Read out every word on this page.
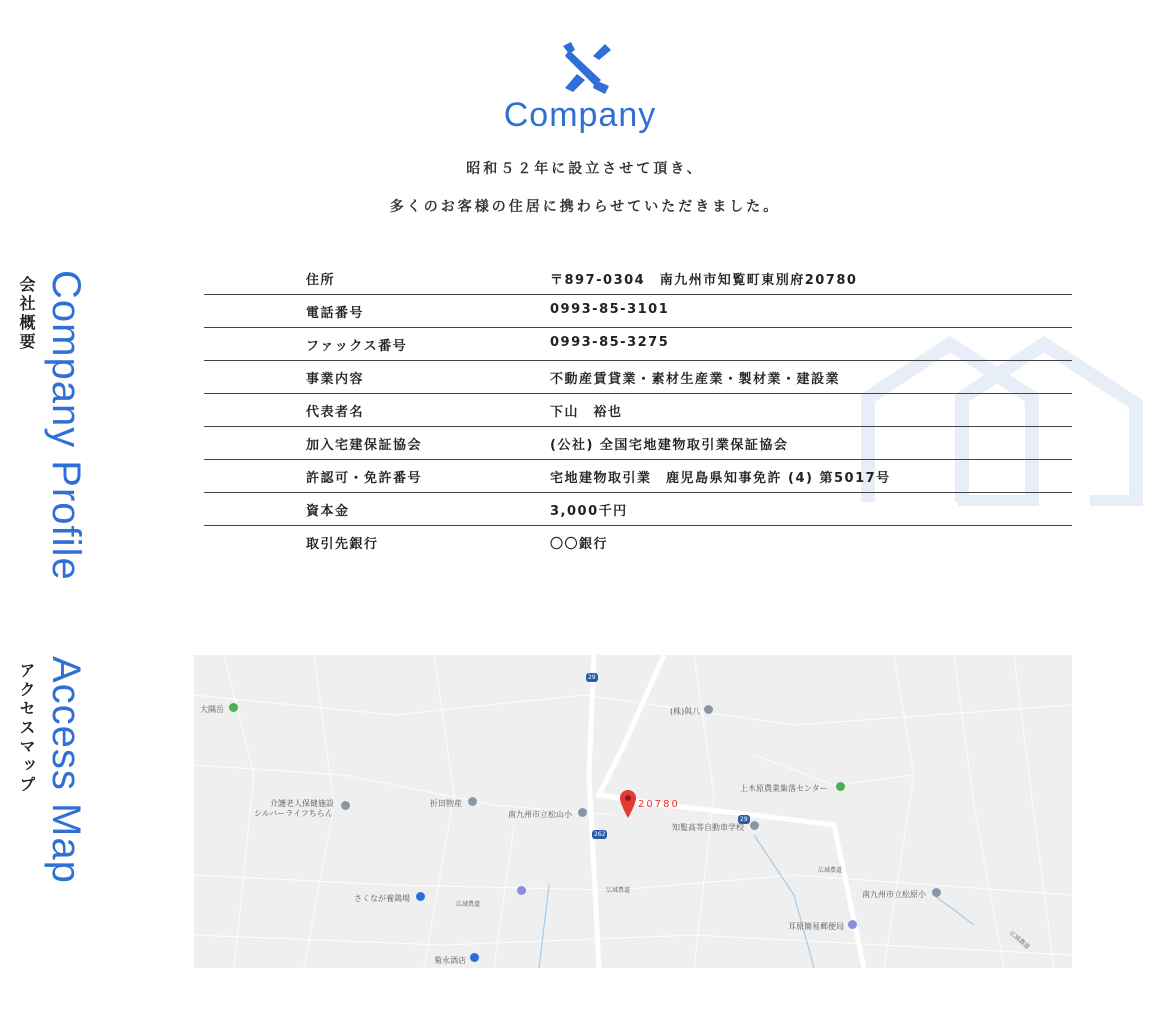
Company
昭和５２年に設立させて頂き、
多くのお客様の住居に携わらせていただきました。
Company Profile
会社概要	住所	〒897-0304　南九州市知覧町東別府20780
電話番号	0993-85-3101
ファックス番号	0993-85-3275
事業内容	不動産賃貸業・素材生産業・製材業・建設業
代表者名	下山　裕也
加入宅建保証協会	(公社) 全国宅地建物取引業保証協会
許認可・免許番号	宅地建物取引業　鹿児島県知事免許 (4) 第5017号
資本金	3,000千円
取引先銀行	〇〇銀行
Access Map
アクセスマップ	29
262
29
大隅岳	(株)與八
上木原農業集落センター
介護老人保健施設
シルバーライフちらん
折田物産
南九州市立松山小
知覧高等自動車学校
さくなが養鶏場
広域農道
広域農道
広域農道
広域農道
南九州市立松原小
耳原簡易郵便局
菊永酒店
20780
